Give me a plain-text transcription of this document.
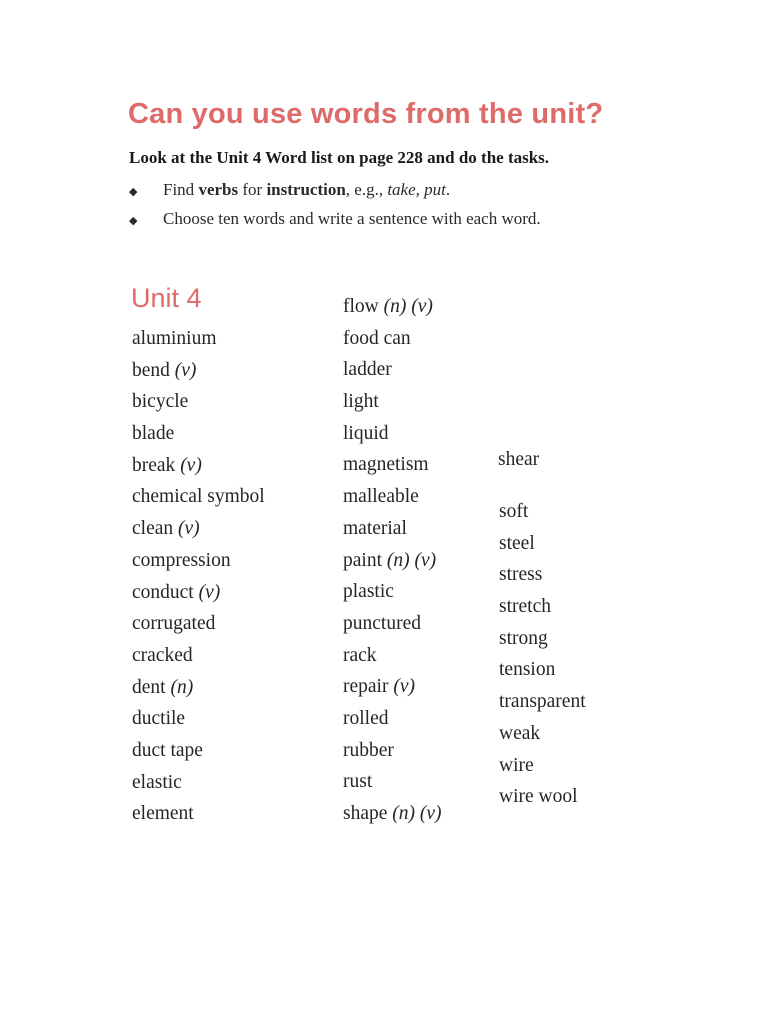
Can you use words from the unit?
Look at the Unit 4 Word list on page 228 and do the tasks.
◆ Find verbs for instruction, e.g., take, put.
◆ Choose ten words and write a sentence with each word.
Unit 4
aluminium
bend (v)
bicycle
blade
break (v)
chemical symbol
clean (v)
compression
conduct (v)
corrugated
cracked
dent (n)
ductile
duct tape
elastic
element
flow (n) (v)
food can
ladder
light
liquid
magnetism
malleable
material
paint (n) (v)
plastic
punctured
rack
repair (v)
rolled
rubber
rust
shape (n) (v)
shear
soft
steel
stress
stretch
strong
tension
transparent
weak
wire
wire wool
